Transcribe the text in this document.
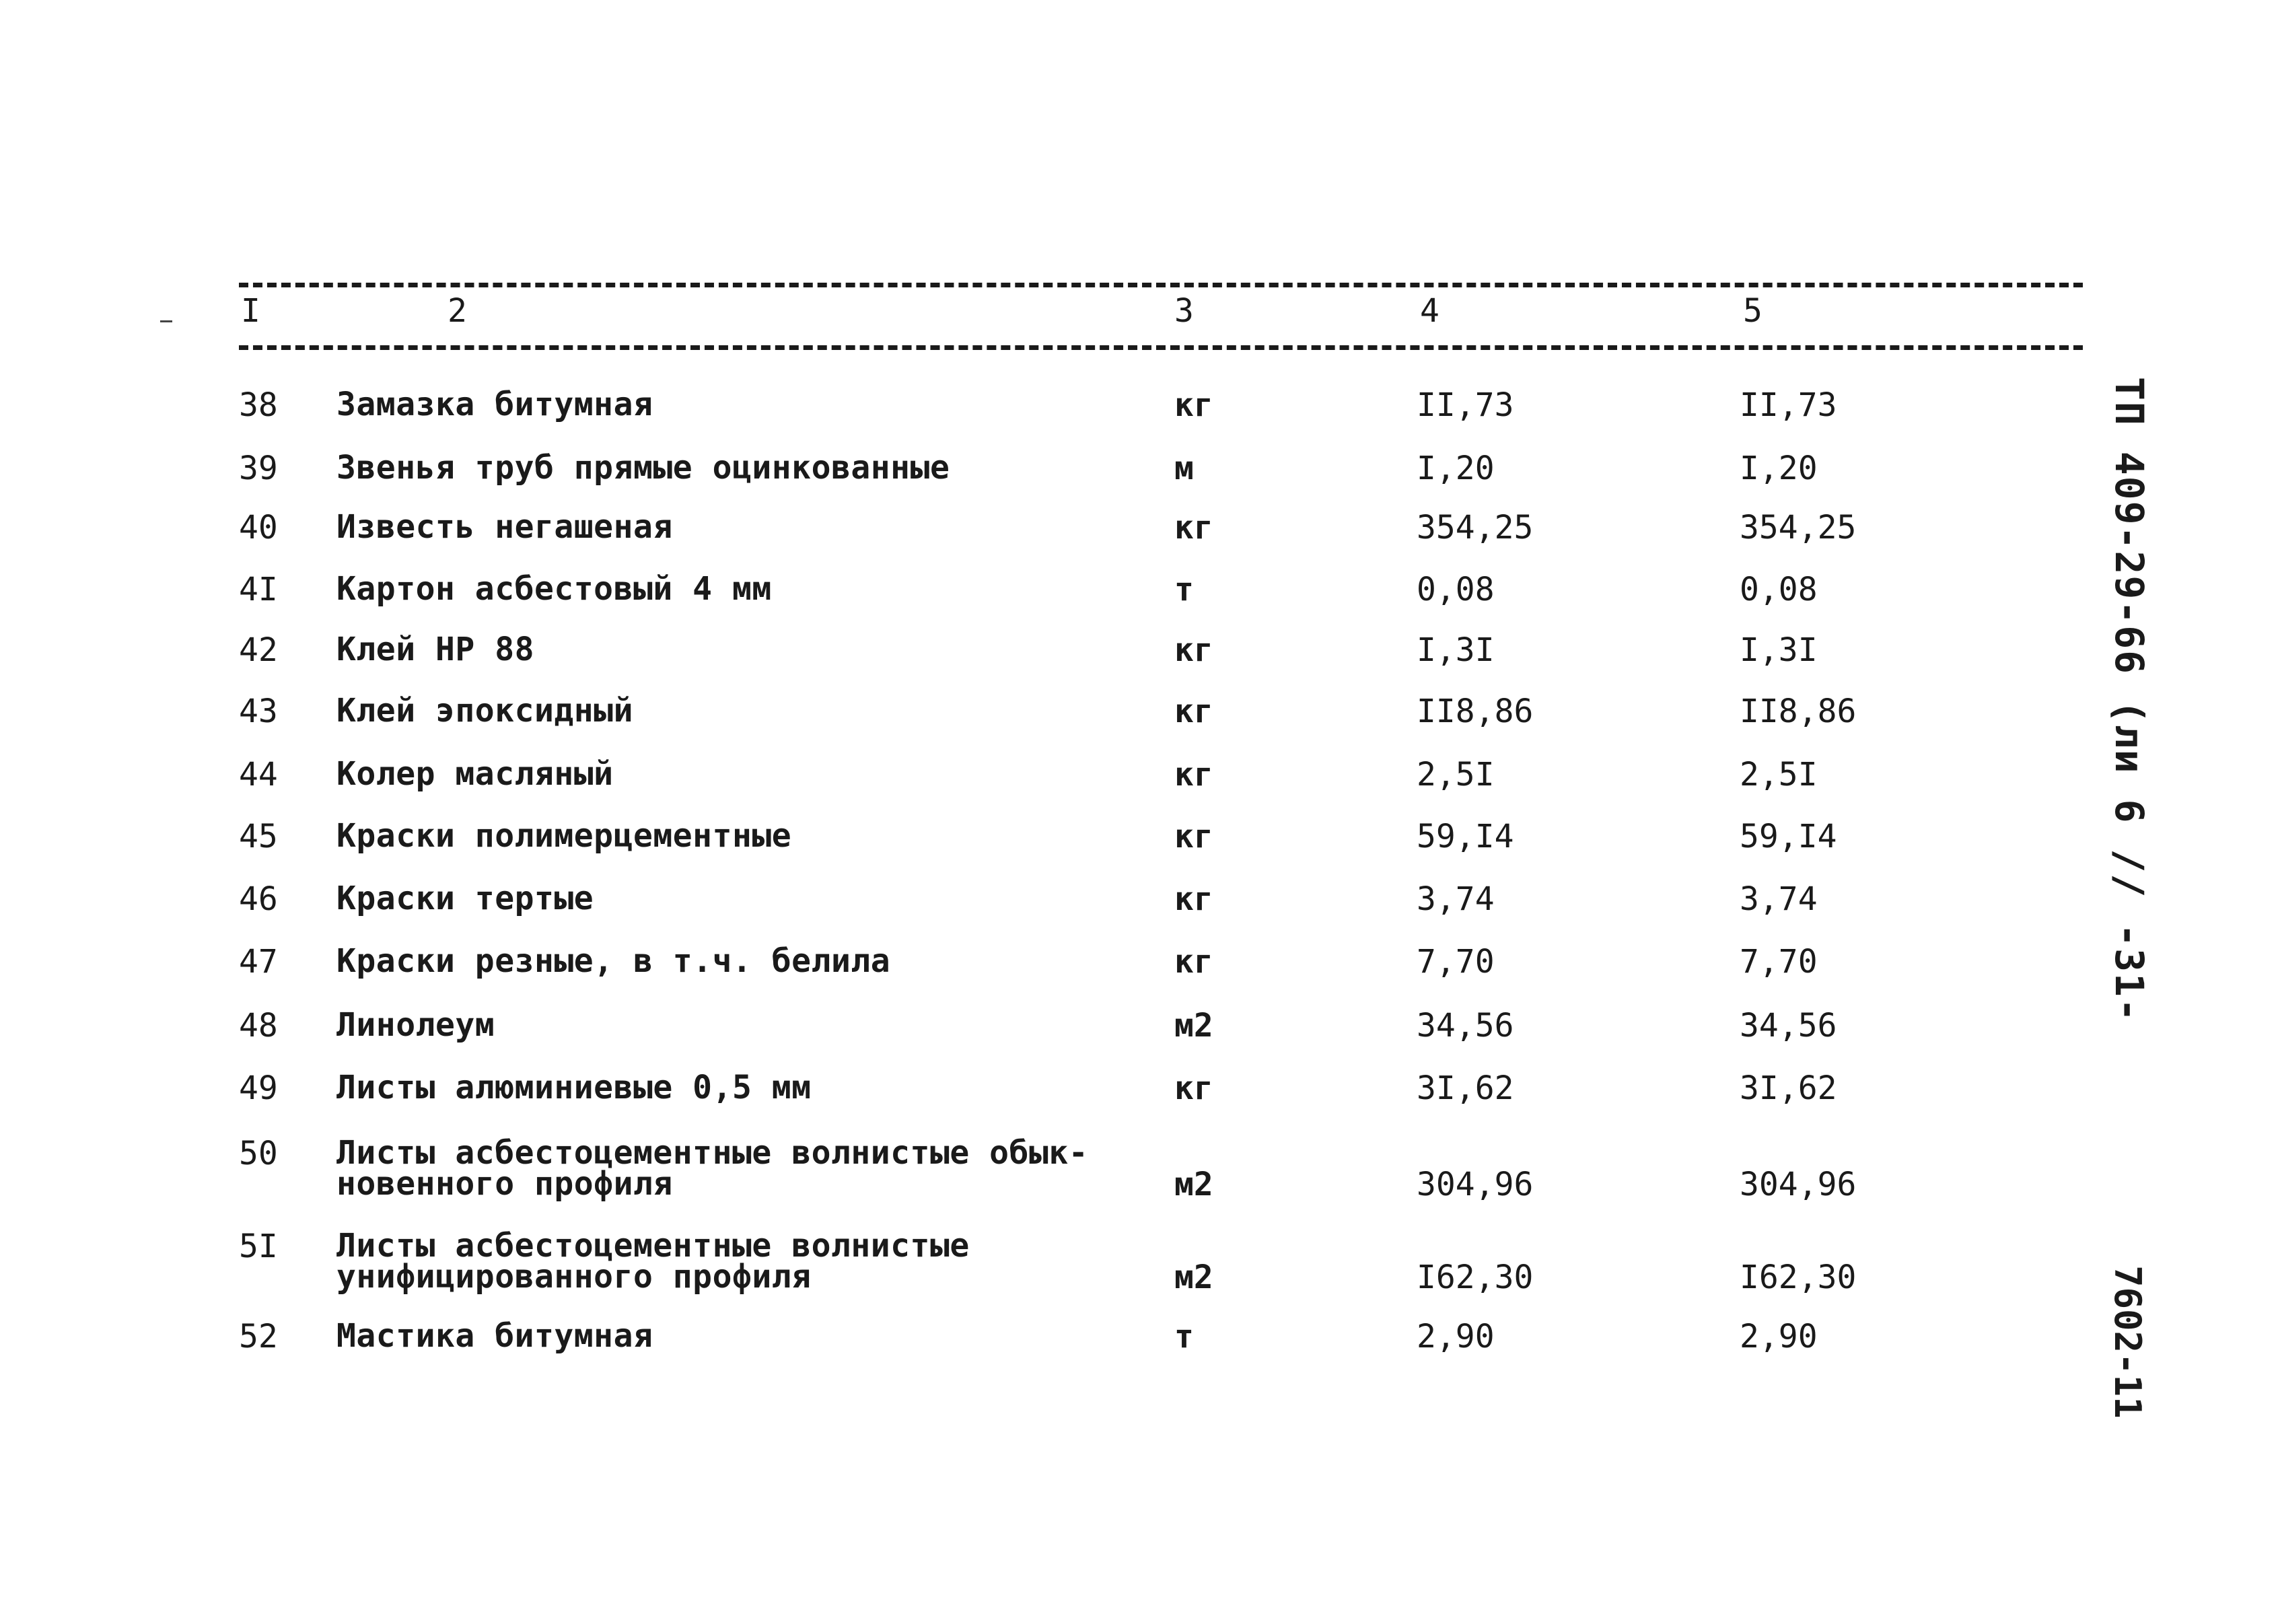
I	2	3	4	5
38 Замазка битумная	кг	II,73	II,73
39 Звенья труб прямые оцинкованные	м	I,20	I,20
40 Известь негашеная	кг	354,25	354,25
4I Картон асбестовый 4 мм	т	0,08	0,08
42 Клей НР 88	кг	I,3I	I,3I
43 Клей эпоксидный	кг	II8,86	II8,86
44 Колер масляный	кг	2,5I	2,5I
45 Краски полимерцементные	кг	59,I4	59,I4
46 Краски тертые	кг	3,74	3,74
47 Краски резные, в т.ч. белила	кг	7,70	7,70
48 Линолеум	м2	34,56	34,56
49 Листы алюминиевые 0,5 мм	кг	3I,62	3I,62
50 Листы асбестоцементные волнистые обык-
новенного профиля	м2	304,96	304,96
5I Листы асбестоцементные волнистые
унифицированного профиля	м2	I62,30	I62,30
52 Мастика битумная	т	2,90	2,90
ТП 409-29-66 (ли 6 // -31-
7602-11
